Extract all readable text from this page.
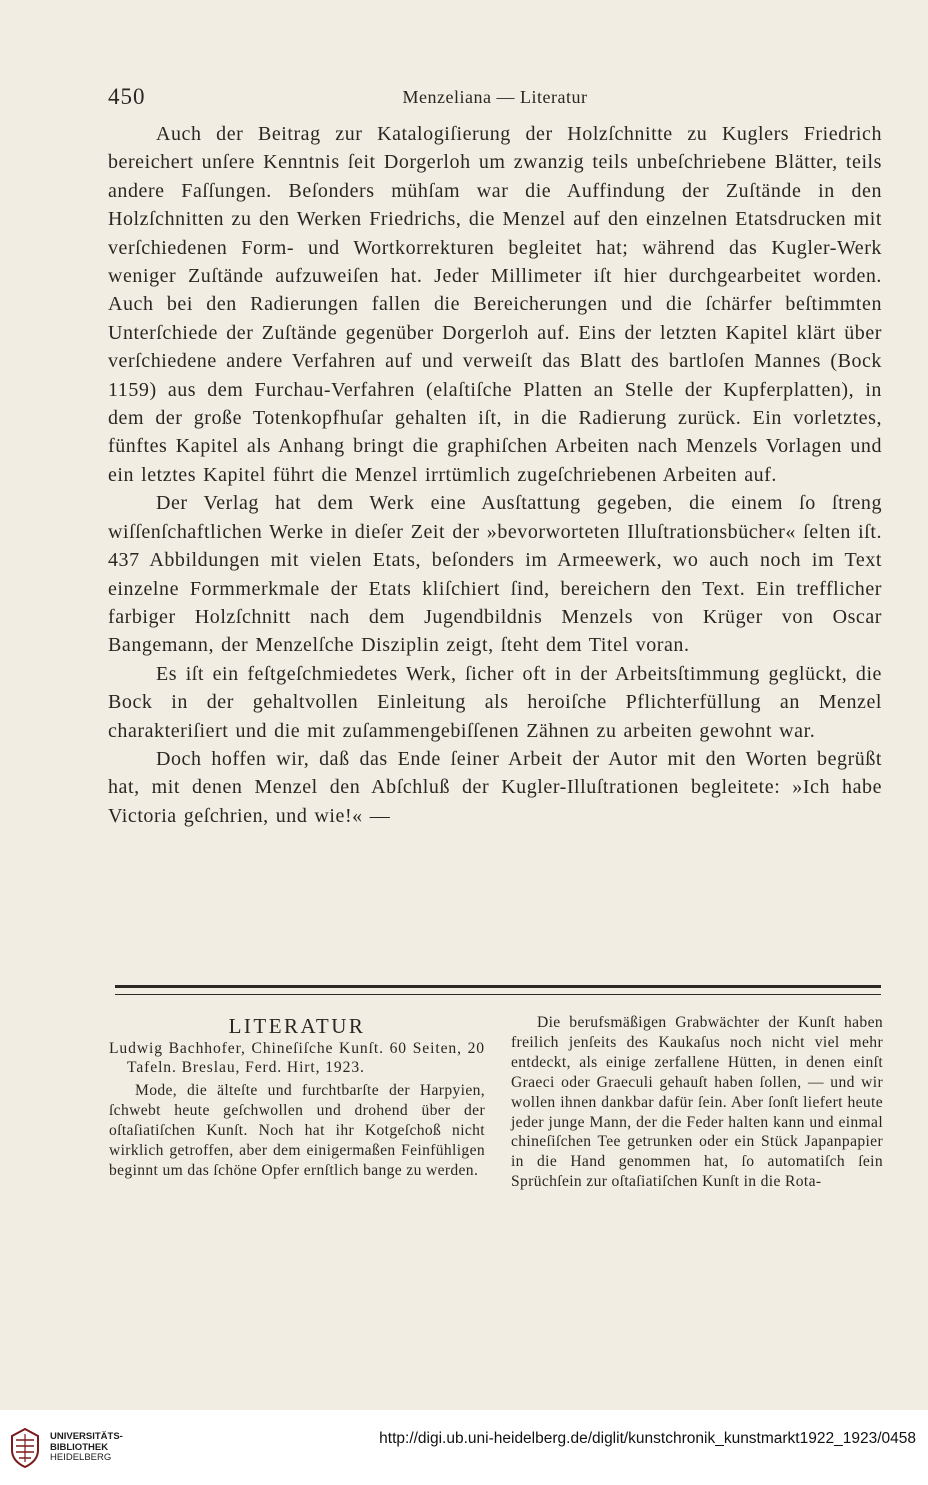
450	Menzeliana — Literatur

Auch der Beitrag zur Katalogiſierung der Holzſchnitte zu Kuglers Friedrich bereichert unſere Kenntnis ſeit Dorgerloh um zwanzig teils unbeſchriebene Blätter, teils andere Faſſungen. Beſonders mühſam war die Auffindung der Zuſtände in den Holzſchnitten zu den Werken Friedrichs, die Menzel auf den einzelnen Etatsdrucken mit verſchiedenen Form- und Wortkorrekturen begleitet hat; während das Kugler-Werk weniger Zuſtände aufzuweiſen hat. Jeder Millimeter iſt hier durchgearbeitet worden. Auch bei den Radierungen fallen die Bereicherungen und die ſchärfer beſtimmten Unterſchiede der Zuſtände gegenüber Dorgerloh auf. Eins der letzten Kapitel klärt über verſchiedene andere Verfahren auf und verweiſt das Blatt des bartloſen Mannes (Bock 1159) aus dem Furchau-Verfahren (elaſtiſche Platten an Stelle der Kupferplatten), in dem der große Totenkopfhuſar gehalten iſt, in die Radierung zurück. Ein vorletztes, fünftes Kapitel als Anhang bringt die graphiſchen Arbeiten nach Menzels Vorlagen und ein letztes Kapitel führt die Menzel irrtümlich zugeſchriebenen Arbeiten auf.

Der Verlag hat dem Werk eine Ausſtattung gegeben, die einem ſo ſtreng wiſſenſchaftlichen Werke in dieſer Zeit der »bevorworteten Illuſtrationsbücher« ſelten iſt. 437 Abbildungen mit vielen Etats, beſonders im Armeewerk, wo auch noch im Text einzelne Formmerkmale der Etats kliſchiert ſind, bereichern den Text. Ein trefflicher farbiger Holzſchnitt nach dem Jugendbildnis Menzels von Krüger von Oscar Bangemann, der Menzelſche Disziplin zeigt, ſteht dem Titel voran.

Es iſt ein feſtgeſchmiedetes Werk, ſicher oft in der Arbeitsſtimmung geglückt, die Bock in der gehaltvollen Einleitung als heroiſche Pflichterfüllung an Menzel charakteriſiert und die mit zuſammengebiſſenen Zähnen zu arbeiten gewohnt war.

Doch hoffen wir, daß das Ende ſeiner Arbeit der Autor mit den Worten begrüßt hat, mit denen Menzel den Abſchluß der Kugler-Illuſtrationen begleitete: »Ich habe Victoria geſchrien, und wie!« —

LITERATUR

Ludwig Bachhofer, Chineſiſche Kunſt. 60 Seiten, 20 Tafeln. Breslau, Ferd. Hirt, 1923.

Mode, die älteſte und furchtbarſte der Harpyien, ſchwebt heute geſchwollen und drohend über der oſtaſiatiſchen Kunſt. Noch hat ihr Kotgeſchoß nicht wirklich getroffen, aber dem einigermaßen Feinfühligen beginnt um das ſchöne Opfer ernſtlich bange zu werden.

Die berufsmäßigen Grabwächter der Kunſt haben freilich jenſeits des Kaukaſus noch nicht viel mehr entdeckt, als einige zerfallene Hütten, in denen einſt Graeci oder Graeculi gehauſt haben ſollen, — und wir wollen ihnen dankbar dafür ſein. Aber ſonſt liefert heute jeder junge Mann, der die Feder halten kann und einmal chineſiſchen Tee getrunken oder ein Stück Japanpapier in die Hand genommen hat, ſo automatiſch ſein Sprüchſein zur oſtaſiatiſchen Kunſt in die Rota-

UNIVERSITÄTS-
BIBLIOTHEK
HEIDELBERG
http://digi.ub.uni-heidelberg.de/diglit/kunstchronik_kunstmarkt1922_1923/0458
